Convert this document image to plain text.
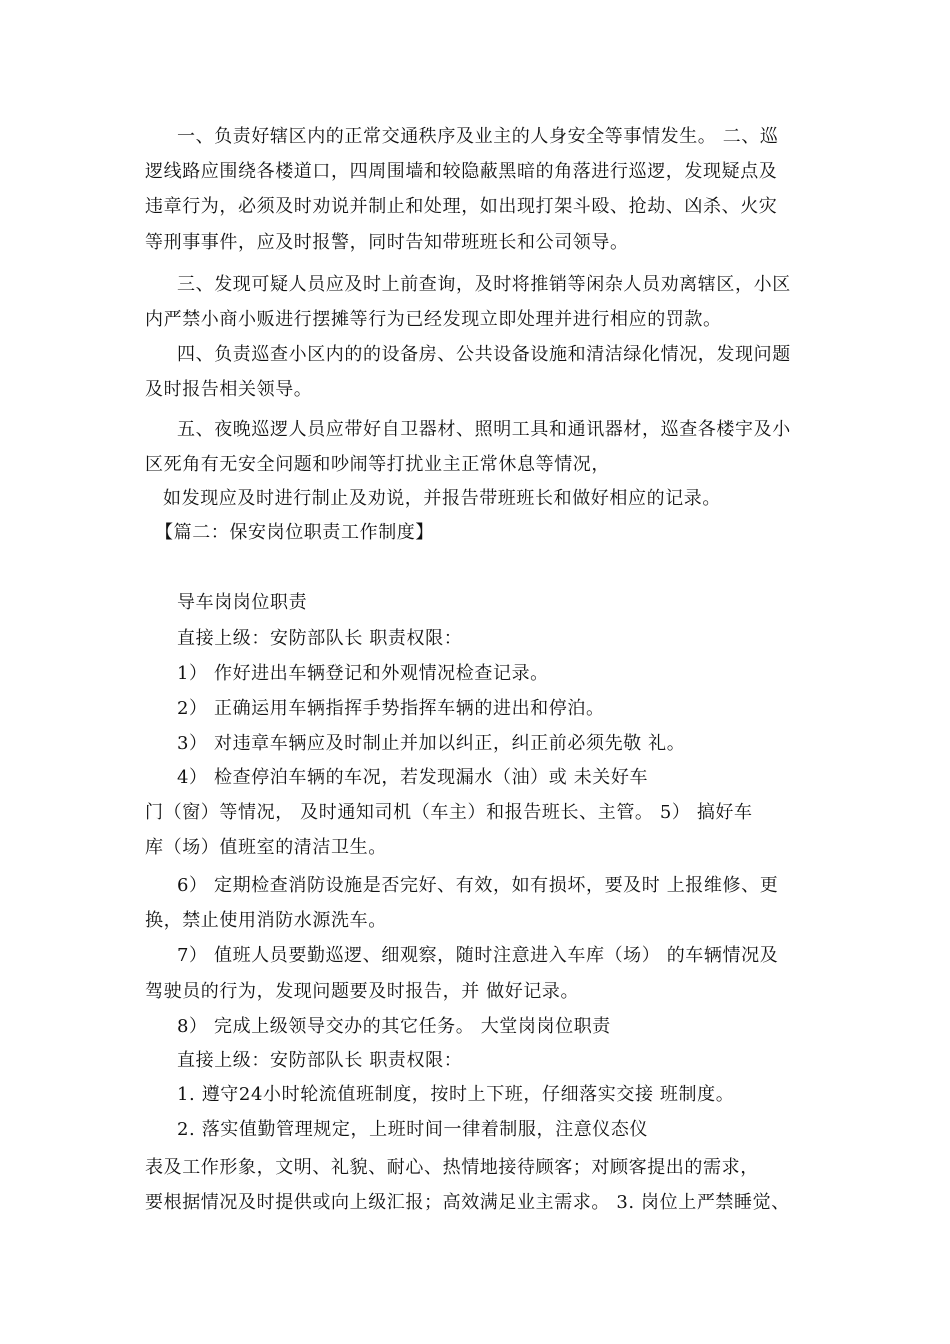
一、负责好辖区内的正常交通秩序及业主的人身安全等事情发生。 二、巡
逻线路应围绕各楼道口，四周围墙和较隐蔽黑暗的角落进行巡逻，发现疑点及
违章行为，必须及时劝说并制止和处理，如出现打架斗殴、抢劫、凶杀、火灾
等刑事事件，应及时报警，同时告知带班班长和公司领导。
三、发现可疑人员应及时上前查询，及时将推销等闲杂人员劝离辖区，小区
内严禁小商小贩进行摆摊等行为已经发现立即处理并进行相应的罚款。
四、负责巡查小区内的的设备房、公共设备设施和清洁绿化情况，发现问题
及时报告相关领导。
五、夜晚巡逻人员应带好自卫器材、照明工具和通讯器材，巡查各楼宇及小
区死角有无安全问题和吵闹等打扰业主正常休息等情况，
如发现应及时进行制止及劝说，并报告带班班长和做好相应的记录。
【篇二：保安岗位职责工作制度】
导车岗岗位职责
直接上级：安防部队长 职责权限：
1） 作好进出车辆登记和外观情况检查记录。
2） 正确运用车辆指挥手势指挥车辆的进出和停泊。
3） 对违章车辆应及时制止并加以纠正，纠正前必须先敬 礼。
4） 检查停泊车辆的车况，若发现漏水（油）或 未关好车
门（窗）等情况， 及时通知司机（车主）和报告班长、主管。 5） 搞好车
库（场）值班室的清洁卫生。
6） 定期检查消防设施是否完好、有效，如有损坏，要及时 上报维修、更
换，禁止使用消防水源洗车。
7） 值班人员要勤巡逻、细观察，随时注意进入车库（场） 的车辆情况及
驾驶员的行为，发现问题要及时报告，并 做好记录。
8） 完成上级领导交办的其它任务。 大堂岗岗位职责
直接上级：安防部队长 职责权限：
1. 遵守24小时轮流值班制度，按时上下班，仔细落实交接 班制度。
2. 落实值勤管理规定，上班时间一律着制服，注意仪态仪
表及工作形象，文明、礼貌、耐心、热情地接待顾客；对顾客提出的需求，
要根据情况及时提供或向上级汇报；高效满足业主需求。 3. 岗位上严禁睡觉、
